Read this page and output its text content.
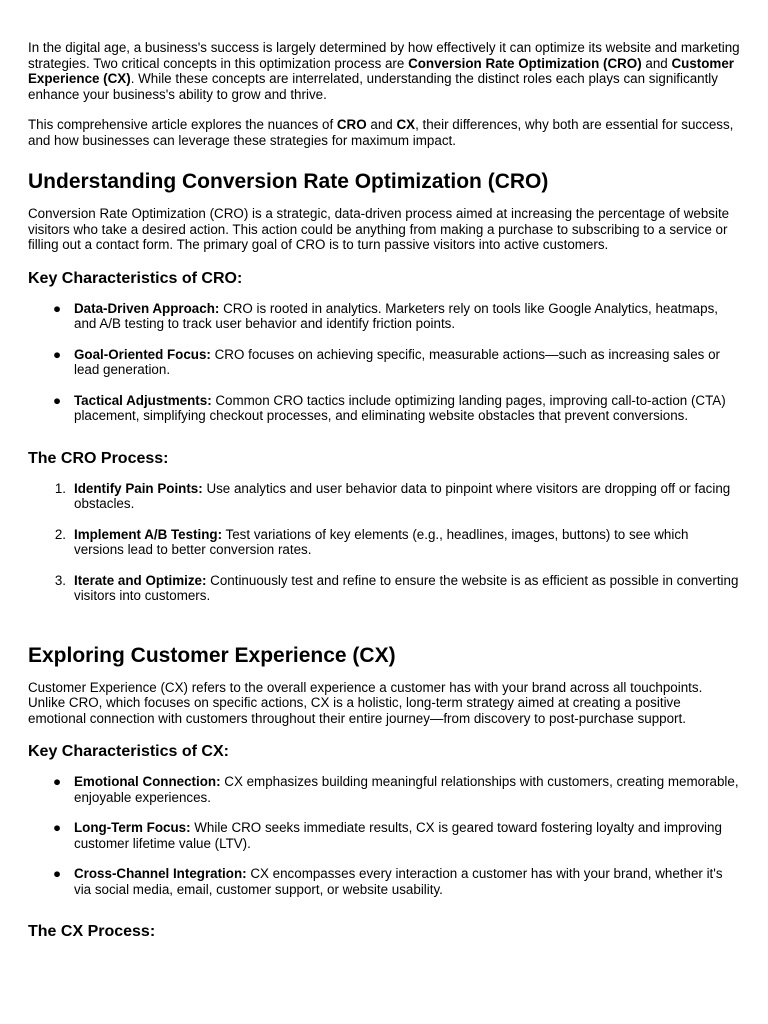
In the digital age, a business's success is largely determined by how effectively it can optimize its website and marketing strategies. Two critical concepts in this optimization process are Conversion Rate Optimization (CRO) and Customer Experience (CX). While these concepts are interrelated, understanding the distinct roles each plays can significantly enhance your business's ability to grow and thrive.

This comprehensive article explores the nuances of CRO and CX, their differences, why both are essential for success, and how businesses can leverage these strategies for maximum impact.

Understanding Conversion Rate Optimization (CRO)

Conversion Rate Optimization (CRO) is a strategic, data-driven process aimed at increasing the percentage of website visitors who take a desired action. This action could be anything from making a purchase to subscribing to a service or filling out a contact form. The primary goal of CRO is to turn passive visitors into active customers.

Key Characteristics of CRO:
● Data-Driven Approach: CRO is rooted in analytics. Marketers rely on tools like Google Analytics, heatmaps, and A/B testing to track user behavior and identify friction points.
● Goal-Oriented Focus: CRO focuses on achieving specific, measurable actions—such as increasing sales or lead generation.
● Tactical Adjustments: Common CRO tactics include optimizing landing pages, improving call-to-action (CTA) placement, simplifying checkout processes, and eliminating website obstacles that prevent conversions.
The CRO Process:
1. Identify Pain Points: Use analytics and user behavior data to pinpoint where visitors are dropping off or facing obstacles.
2. Implement A/B Testing: Test variations of key elements (e.g., headlines, images, buttons) to see which versions lead to better conversion rates.
3. Iterate and Optimize: Continuously test and refine to ensure the website is as efficient as possible in converting visitors into customers.
Exploring Customer Experience (CX)

Customer Experience (CX) refers to the overall experience a customer has with your brand across all touchpoints. Unlike CRO, which focuses on specific actions, CX is a holistic, long-term strategy aimed at creating a positive emotional connection with customers throughout their entire journey—from discovery to post-purchase support.

Key Characteristics of CX:
● Emotional Connection: CX emphasizes building meaningful relationships with customers, creating memorable, enjoyable experiences.
● Long-Term Focus: While CRO seeks immediate results, CX is geared toward fostering loyalty and improving customer lifetime value (LTV).
● Cross-Channel Integration: CX encompasses every interaction a customer has with your brand, whether it's via social media, email, customer support, or website usability.
The CX Process:
